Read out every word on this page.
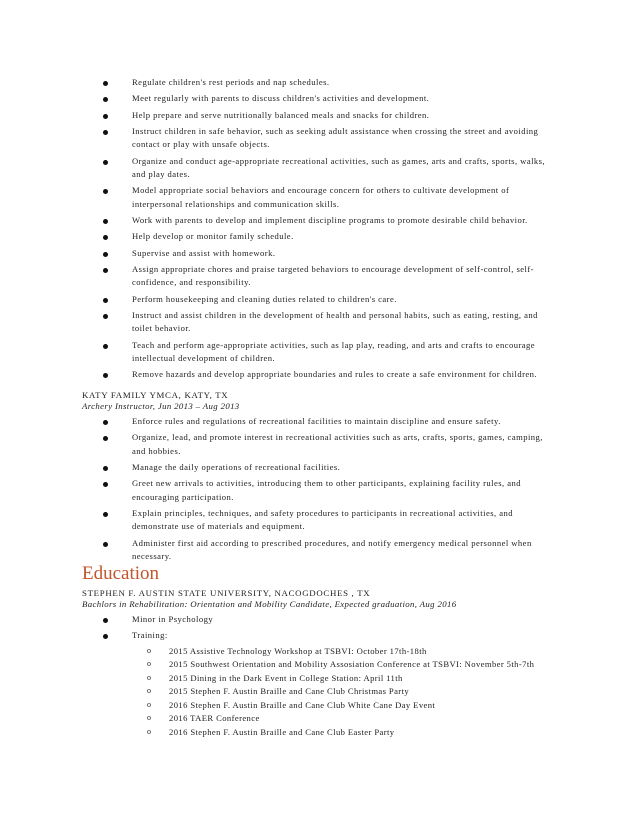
Regulate children's rest periods and nap schedules.
Meet regularly with parents to discuss children's activities and development.
Help prepare and serve nutritionally balanced meals and snacks for children.
Instruct children in safe behavior, such as seeking adult assistance when crossing the street and avoiding contact or play with unsafe objects.
Organize and conduct age-appropriate recreational activities, such as games, arts and crafts, sports, walks, and play dates.
Model appropriate social behaviors and encourage concern for others to cultivate development of interpersonal relationships and communication skills.
Work with parents to develop and implement discipline programs to promote desirable child behavior.
Help develop or monitor family schedule.
Supervise and assist with homework.
Assign appropriate chores and praise targeted behaviors to encourage development of self-control, self-confidence, and responsibility.
Perform housekeeping and cleaning duties related to children's care.
Instruct and assist children in the development of health and personal habits, such as eating, resting, and toilet behavior.
Teach and perform age-appropriate activities, such as lap play, reading, and arts and crafts to encourage intellectual development of children.
Remove hazards and develop appropriate boundaries and rules to create a safe environment for children.
KATY FAMILY YMCA, KATY, TX
Archery Instructor, Jun 2013 – Aug 2013
Enforce rules and regulations of recreational facilities to maintain discipline and ensure safety.
Organize, lead, and promote interest in recreational activities such as arts, crafts, sports, games, camping, and hobbies.
Manage the daily operations of recreational facilities.
Greet new arrivals to activities, introducing them to other participants, explaining facility rules, and encouraging participation.
Explain principles, techniques, and safety procedures to participants in recreational activities, and demonstrate use of materials and equipment.
Administer first aid according to prescribed procedures, and notify emergency medical personnel when necessary.
Education
STEPHEN F. AUSTIN STATE UNIVERSITY, NACOGDOCHES , TX
Bachlors in Rehabilitation: Orientation and Mobility Candidate, Expected graduation, Aug 2016
Minor in Psychology
Training:
o 2015 Assistive Technology Workshop at TSBVI: October 17th-18th
o 2015 Southwest Orientation and Mobility Assosiation Conference at TSBVI: November 5th-7th
o 2015 Dining in the Dark Event in College Station: April 11th
o 2015 Stephen F. Austin Braille and Cane Club Christmas Party
o 2016 Stephen F. Austin Braille and Cane Club White Cane Day Event
o 2016 TAER Conference
o 2016 Stephen F. Austin Braille and Cane Club Easter Party
